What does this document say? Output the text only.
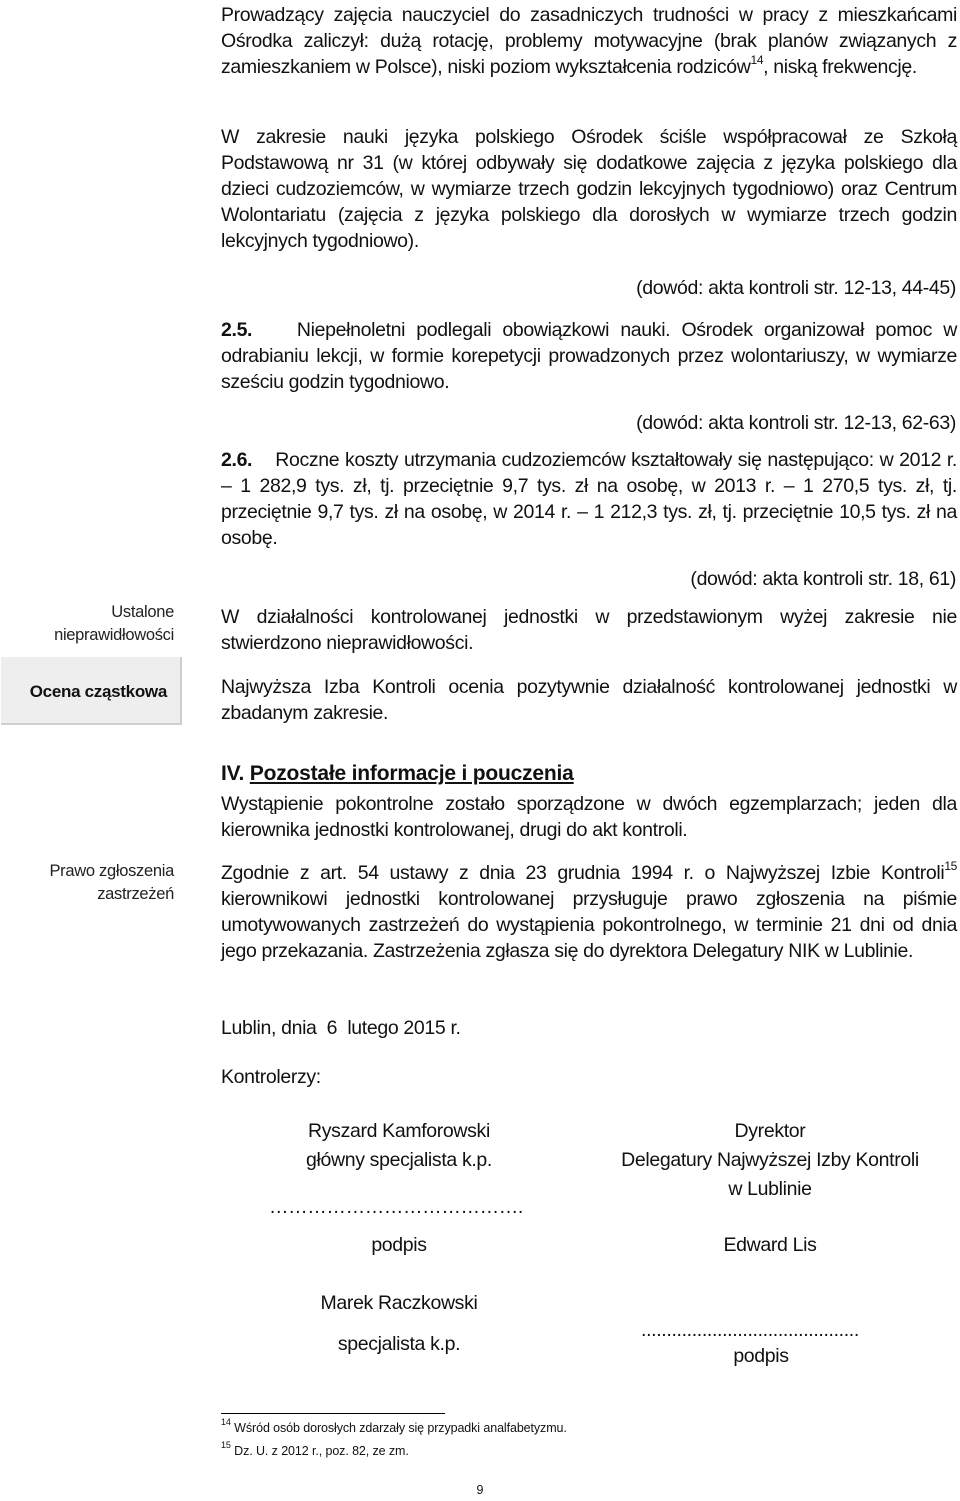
Prowadzący zajęcia nauczyciel do zasadniczych trudności w pracy z mieszkańcami Ośrodka zaliczył: dużą rotację, problemy motywacyjne (brak planów związanych z zamieszkaniem w Polsce), niski poziom wykształcenia rodziców$^{14}$, niską frekwencję.

W zakresie nauki języka polskiego Ośrodek ściśle współpracował ze Szkołą Podstawową nr 31 (w której odbywały się dodatkowe zajęcia z języka polskiego dla dzieci cudzoziemców, w wymiarze trzech godzin lekcyjnych tygodniowo) oraz Centrum Wolontariatu (zajęcia z języka polskiego dla dorosłych w wymiarze trzech godzin lekcyjnych tygodniowo).

(dowód: akta kontroli str. 12-13, 44-45)

2.5. Niepełnoletni podlegali obowiązkowi nauki. Ośrodek organizował pomoc w odrabianiu lekcji, w formie korepetycji prowadzonych przez wolontariuszy, w wymiarze sześciu godzin tygodniowo.

(dowód: akta kontroli str. 12-13, 62-63)

2.6. Roczne koszty utrzymania cudzoziemców kształtowały się następująco: w 2012 r. – 1 282,9 tys. zł, tj. przeciętnie 9,7 tys. zł na osobę, w 2013 r. – 1 270,5 tys. zł, tj. przeciętnie 9,7 tys. zł na osobę, w 2014 r. – 1 212,3 tys. zł, tj. przeciętnie 10,5 tys. zł na osobę.

(dowód: akta kontroli str. 18, 61)
Ustalone nieprawidłowości

W działalności kontrolowanej jednostki w przedstawionym wyżej zakresie nie stwierdzono nieprawidłowości.

Ocena cząstkowa	Najwyższa Izba Kontroli ocenia pozytywnie działalność kontrolowanej jednostki w zbadanym zakresie.

IV. Pozostałe informacje i pouczenia

Wystąpienie pokontrolne zostało sporządzone w dwóch egzemplarzach; jeden dla kierownika jednostki kontrolowanej, drugi do akt kontroli.

Prawo zgłoszenia zastrzeżeń

Zgodnie z art. 54 ustawy z dnia 23 grudnia 1994 r. o Najwyższej Izbie Kontroli$^{15}$ kierownikowi jednostki kontrolowanej przysługuje prawo zgłoszenia na piśmie umotywowanych zastrzeżeń do wystąpienia pokontrolnego, w terminie 21 dni od dnia jego przekazania. Zastrzeżenia zgłasza się do dyrektora Delegatury NIK w Lublinie.

Lublin, dnia  6  lutego 2015 r.
Kontrolerzy:
Ryszard Kamforowski
główny specjalista k.p.
………………………………….
podpis
Marek Raczkowski
specjalista k.p.
Dyrektor
Delegatury Najwyższej Izby Kontroli
w Lublinie
Edward Lis
...........................................
podpis
$^{14}$ Wśród osób dorosłych zdarzały się przypadki analfabetyzmu.
$^{15}$ Dz. U. z 2012 r., poz. 82, ze zm.
9
